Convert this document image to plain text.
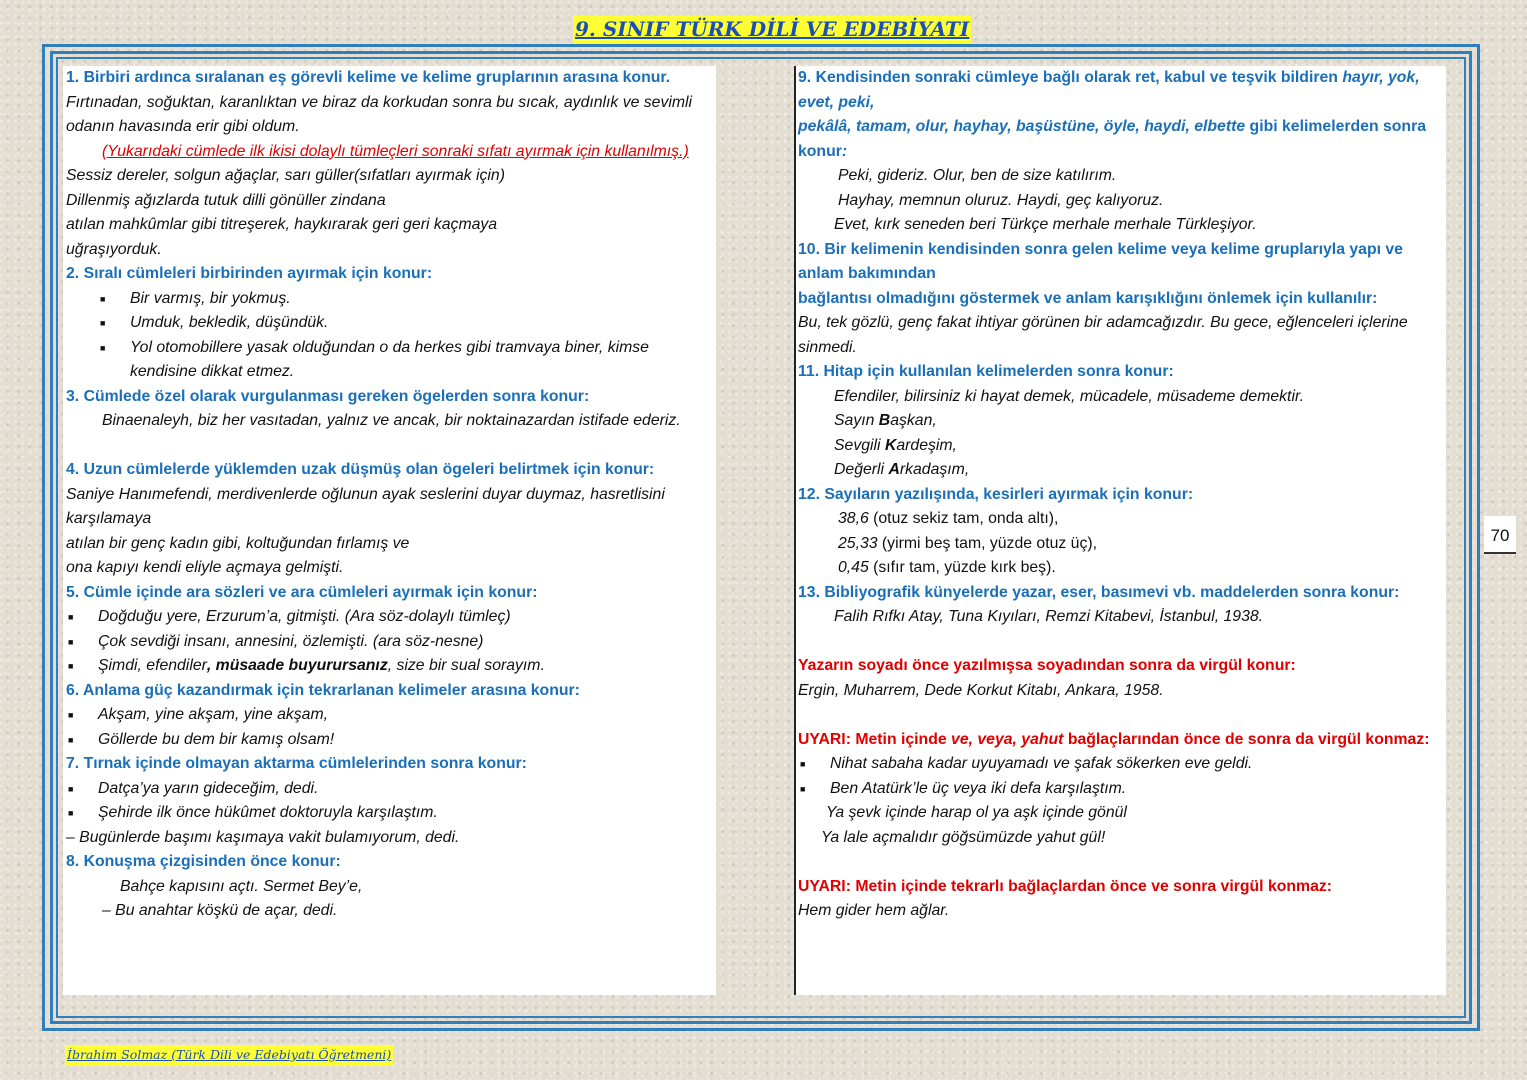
9. SINIF TÜRK DİLİ VE EDEBİYATI

1. Birbiri ardınca sıralanan eş görevli kelime ve kelime gruplarının arasına konur.

Fırtınadan, soğuktan, karanlıktan ve biraz da korkudan sonra bu sıcak, aydınlık ve sevimli odanın havasında erir gibi oldum.

(Yukarıdaki cümlede ilk ikisi dolaylı tümleçleri sonraki sıfatı ayırmak için kullanılmış.)

Sessiz dereler, solgun ağaçlar, sarı güller(sıfatları ayırmak için)

Dillenmiş ağızlarda tutuk dilli gönüller zindana

atılan mahkûmlar gibi titreşerek, haykırarak geri geri kaçmaya

uğraşıyorduk.

2. Sıralı cümleleri birbirinden ayırmak için konur:

■ Bir varmış, bir yokmuş.
■ Umduk, bekledik, düşündük.
■ Yol otomobillere yasak olduğundan o da herkes gibi tramvaya biner, kimse kendisine dikkat etmez.

3. Cümlede özel olarak vurgulanması gereken ögelerden sonra konur:

Binaenaleyh, biz her vasıtadan, yalnız ve ancak, bir noktainazardan istifade ederiz.

4. Uzun cümlelerde yüklemden uzak düşmüş olan ögeleri belirtmek için konur:

Saniye Hanımefendi, merdivenlerde oğlunun ayak seslerini duyar duymaz, hasretlisini karşılamaya

atılan bir genç kadın gibi, koltuğundan fırlamış ve

ona kapıyı kendi eliyle açmaya gelmişti.

5. Cümle içinde ara sözleri ve ara cümleleri ayırmak için konur:

■ Doğduğu yere, Erzurum’a, gitmişti. (Ara söz-dolaylı tümleç)
■ Çok sevdiği insanı, annesini, özlemişti. (ara söz-nesne)
■ Şimdi, efendiler, müsaade buyurursanız, size bir sual sorayım.

6. Anlama güç kazandırmak için tekrarlanan kelimeler arasına konur:

■ Akşam, yine akşam, yine akşam,
■ Göllerde bu dem bir kamış olsam!

7. Tırnak içinde olmayan aktarma cümlelerinden sonra konur:

■ Datça’ya yarın gideceğim, dedi.
■ Şehirde ilk önce hükûmet doktoruyla karşılaştım.

– Bugünlerde başımı kaşımaya vakit bulamıyorum, dedi.

8. Konuşma çizgisinden önce konur:

Bahçe kapısını açtı. Sermet Bey’e,

– Bu anahtar köşkü de açar, dedi.

9. Kendisinden sonraki cümleye bağlı olarak ret, kabul ve teşvik bildiren hayır, yok, evet, peki,
pekâlâ, tamam, olur, hayhay, başüstüne, öyle, haydi, elbette gibi kelimelerden sonra konur:

Peki, gideriz. Olur, ben de size katılırım.

Hayhay, memnun oluruz. Haydi, geç kalıyoruz.

Evet, kırk seneden beri Türkçe merhale merhale Türkleşiyor.

10. Bir kelimenin kendisinden sonra gelen kelime veya kelime gruplarıyla yapı ve anlam bakımından

bağlantısı olmadığını göstermek ve anlam karışıklığını önlemek için kullanılır:

Bu, tek gözlü, genç fakat ihtiyar görünen bir adamcağızdır. Bu gece, eğlenceleri içlerine sinmedi.

11. Hitap için kullanılan kelimelerden sonra konur:

Efendiler, bilirsiniz ki hayat demek, mücadele, müsademe demektir.

Sayın Başkan,

Sevgili Kardeşim,

Değerli Arkadaşım,

12. Sayıların yazılışında, kesirleri ayırmak için konur:

38,6 (otuz sekiz tam, onda altı),

25,33 (yirmi beş tam, yüzde otuz üç),

0,45 (sıfır tam, yüzde kırk beş).

13. Bibliyografik künyelerde yazar, eser, basımevi vb. maddelerden sonra konur:

Falih Rıfkı Atay, Tuna Kıyıları, Remzi Kitabevi, İstanbul, 1938.

Yazarın soyadı önce yazılmışsa soyadından sonra da virgül konur:

Ergin, Muharrem, Dede Korkut Kitabı, Ankara, 1958.

UYARI: Metin içinde ve, veya, yahut bağlaçlarından önce de sonra da virgül konmaz:

■ Nihat sabaha kadar uyuyamadı ve şafak sökerken eve geldi.
■ Ben Atatürk’le üç veya iki defa karşılaştım.

Ya şevk içinde harap ol ya aşk içinde gönül

Ya lale açmalıdır göğsümüzde yahut gül!

UYARI: Metin içinde tekrarlı bağlaçlardan önce ve sonra virgül konmaz:

Hem gider hem ağlar.

70
İbrahim Solmaz (Türk Dili ve Edebiyatı Öğretmeni)
